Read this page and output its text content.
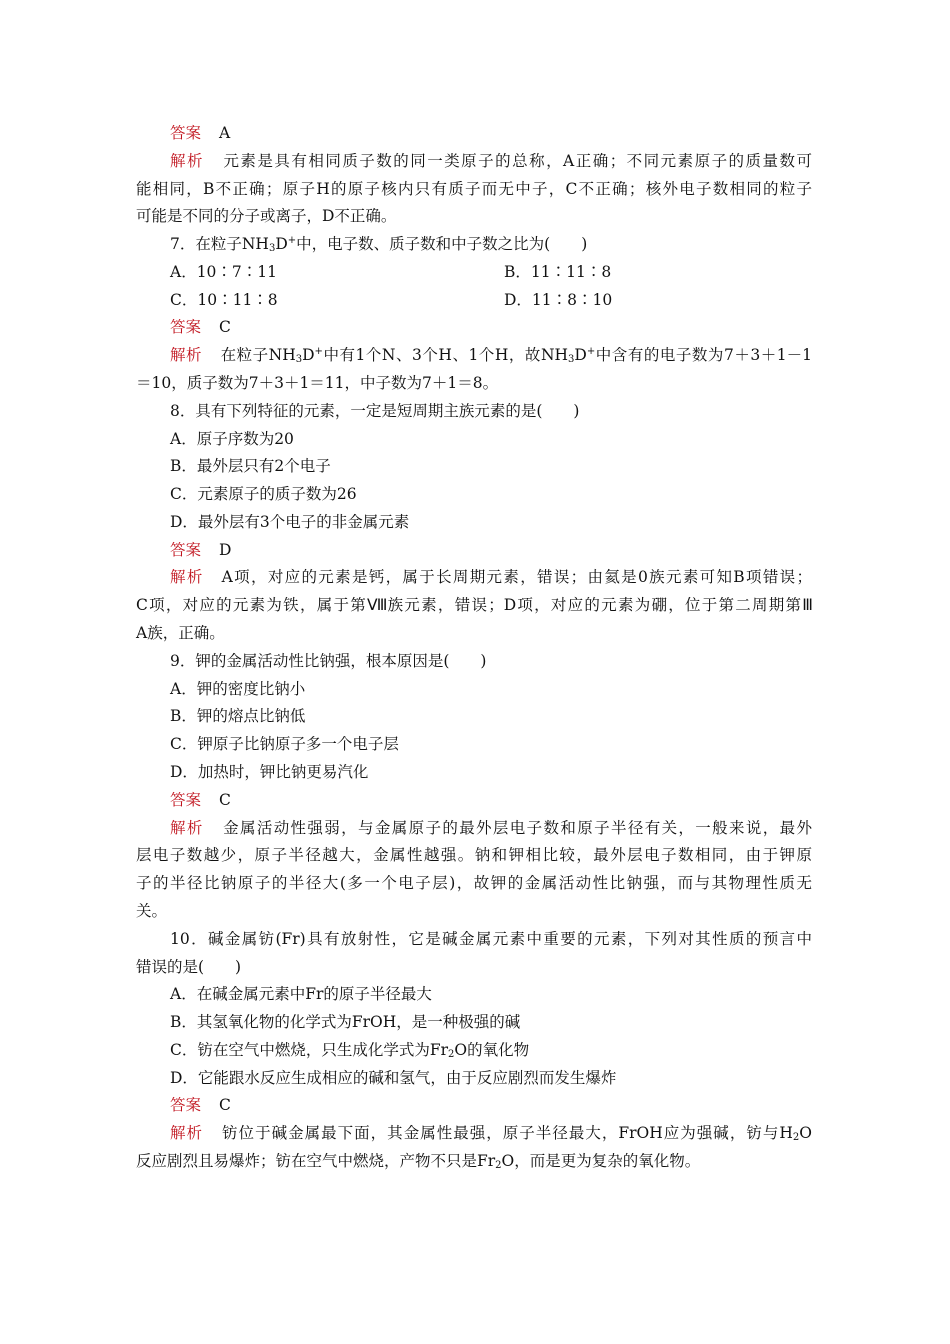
答案 A
解析 元素是具有相同质子数的同一类原子的总称，A正确；不同元素原子的质量数可
能相同，B不正确；原子H的原子核内只有质子而无中子，C不正确；核外电子数相同的粒子
可能是不同的分子或离子，D不正确。
7．在粒子$NH_3D^+$中，电子数、质子数和中子数之比为(　　)
A．10∶7∶11	B．11∶11∶8
C．10∶11∶8	D．11∶8∶10
答案 C
解析 在粒子$NH_3D^+$中有1个N、3个H、1个H，故$NH_3D^+$中含有的电子数为7＋3＋1－1
＝10，质子数为7＋3＋1＝11，中子数为7＋1＝8。
8．具有下列特征的元素，一定是短周期主族元素的是(　　)
A．原子序数为20
B．最外层只有2个电子
C．元素原子的质子数为26
D．最外层有3个电子的非金属元素
答案 D
解析 A项，对应的元素是钙，属于长周期元素，错误；由氦是0族元素可知B项错误；
C项，对应的元素为铁，属于第Ⅷ族元素，错误；D项，对应的元素为硼，位于第二周期第Ⅲ
A族，正确。
9．钾的金属活动性比钠强，根本原因是(　　)
A．钾的密度比钠小
B．钾的熔点比钠低
C．钾原子比钠原子多一个电子层
D．加热时，钾比钠更易汽化
答案 C
解析 金属活动性强弱，与金属原子的最外层电子数和原子半径有关，一般来说，最外
层电子数越少，原子半径越大，金属性越强。钠和钾相比较，最外层电子数相同，由于钾原
子的半径比钠原子的半径大(多一个电子层)，故钾的金属活动性比钠强，而与其物理性质无
关。
10．碱金属钫(Fr)具有放射性，它是碱金属元素中重要的元素，下列对其性质的预言中
错误的是(　　)
A．在碱金属元素中Fr的原子半径最大
B．其氢氧化物的化学式为FrOH，是一种极强的碱
C．钫在空气中燃烧，只生成化学式为$Fr_2O$的氧化物
D．它能跟水反应生成相应的碱和氢气，由于反应剧烈而发生爆炸
答案 C
解析 钫位于碱金属最下面，其金属性最强，原子半径最大，FrOH应为强碱，钫与$H_2O$
反应剧烈且易爆炸；钫在空气中燃烧，产物不只是$Fr_2O$，而是更为复杂的氧化物。
